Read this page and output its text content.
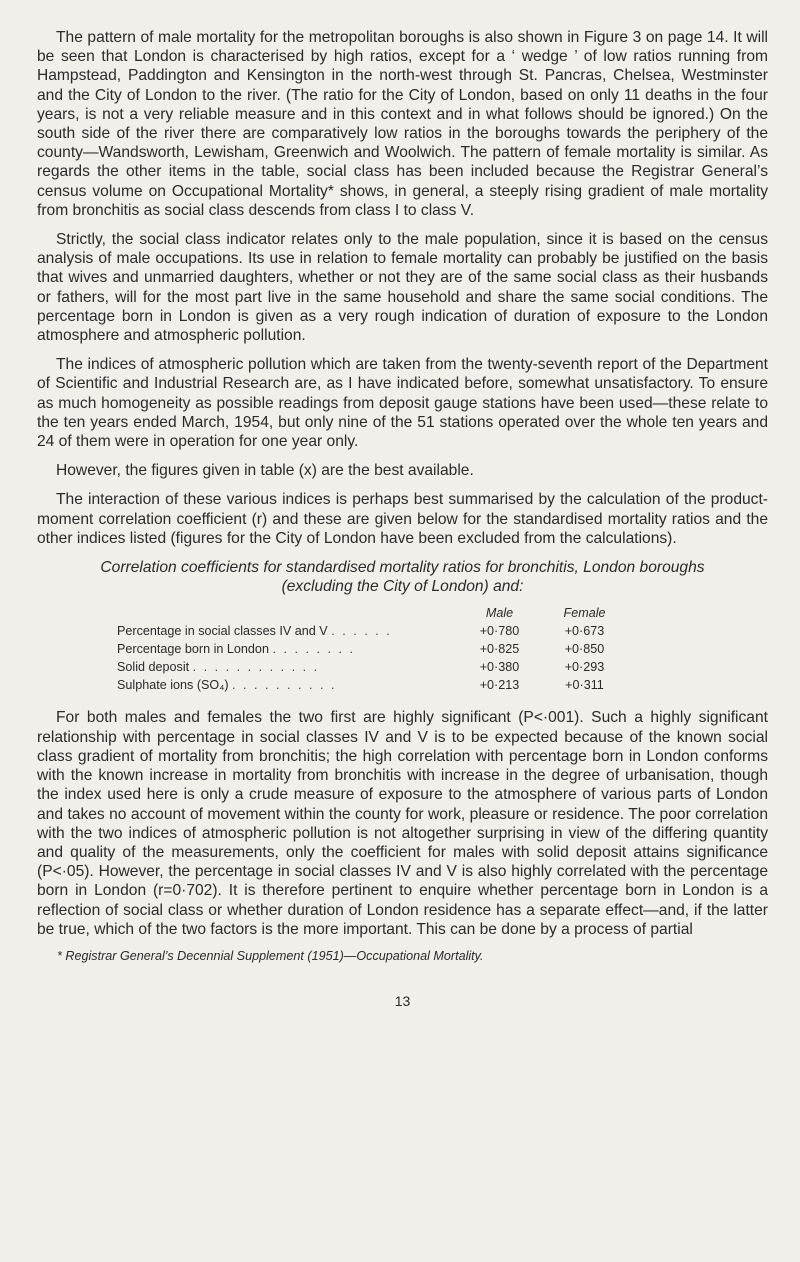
The pattern of male mortality for the metropolitan boroughs is also shown in Figure 3 on page 14. It will be seen that London is characterised by high ratios, except for a ‘ wedge ’ of low ratios running from Hampstead, Paddington and Kensington in the north-west through St. Pancras, Chelsea, Westminster and the City of London to the river. (The ratio for the City of London, based on only 11 deaths in the four years, is not a very reliable measure and in this context and in what follows should be ignored.) On the south side of the river there are comparatively low ratios in the boroughs towards the periphery of the county—Wandsworth, Lewisham, Greenwich and Woolwich. The pattern of female mortality is similar. As regards the other items in the table, social class has been included because the Registrar General’s census volume on Occupational Mortality* shows, in general, a steeply rising gradient of male mortality from bronchitis as social class descends from class I to class V.

Strictly, the social class indicator relates only to the male population, since it is based on the census analysis of male occupations. Its use in relation to female mortality can probably be justified on the basis that wives and unmarried daughters, whether or not they are of the same social class as their husbands or fathers, will for the most part live in the same household and share the same social conditions. The percentage born in London is given as a very rough indication of duration of exposure to the London atmosphere and atmospheric pollution.

The indices of atmospheric pollution which are taken from the twenty-seventh report of the Department of Scientific and Industrial Research are, as I have indicated before, somewhat unsatisfactory. To ensure as much homogeneity as possible readings from deposit gauge stations have been used—these relate to the ten years ended March, 1954, but only nine of the 51 stations operated over the whole ten years and 24 of them were in operation for one year only.

However, the figures given in table (x) are the best available.

The interaction of these various indices is perhaps best summarised by the calculation of the product-moment correlation coefficient (r) and these are given below for the standardised mortality ratios and the other indices listed (figures for the City of London have been excluded from the calculations).

Correlation coefficients for standardised mortality ratios for bronchitis, London boroughs
(excluding the City of London) and:
	Male	Female
Percentage in social classes IV and V . . . . . .	+0·780	+0·673
Percentage born in London . . . . . . . .	+0·825	+0·850
Solid deposit . . . . . . . . . . . .	+0·380	+0·293
Sulphate ions (SO₄) . . . . . . . . . .	+0·213	+0·311

For both males and females the two first are highly significant (P<·001). Such a highly significant relationship with percentage in social classes IV and V is to be expected because of the known social class gradient of mortality from bronchitis; the high correlation with percentage born in London conforms with the known increase in mortality from bronchitis with increase in the degree of urbanisation, though the index used here is only a crude measure of exposure to the atmosphere of various parts of London and takes no account of movement within the county for work, pleasure or residence. The poor correlation with the two indices of atmospheric pollution is not altogether surprising in view of the differing quantity and quality of the measurements, only the coefficient for males with solid deposit attains significance (P<·05). However, the percentage in social classes IV and V is also highly correlated with the percentage born in London (r=0·702). It is therefore pertinent to enquire whether percentage born in London is a reflection of social class or whether duration of London residence has a separate effect—and, if the latter be true, which of the two factors is the more important. This can be done by a process of partial

* Registrar General’s Decennial Supplement (1951)—Occupational Mortality.
13
